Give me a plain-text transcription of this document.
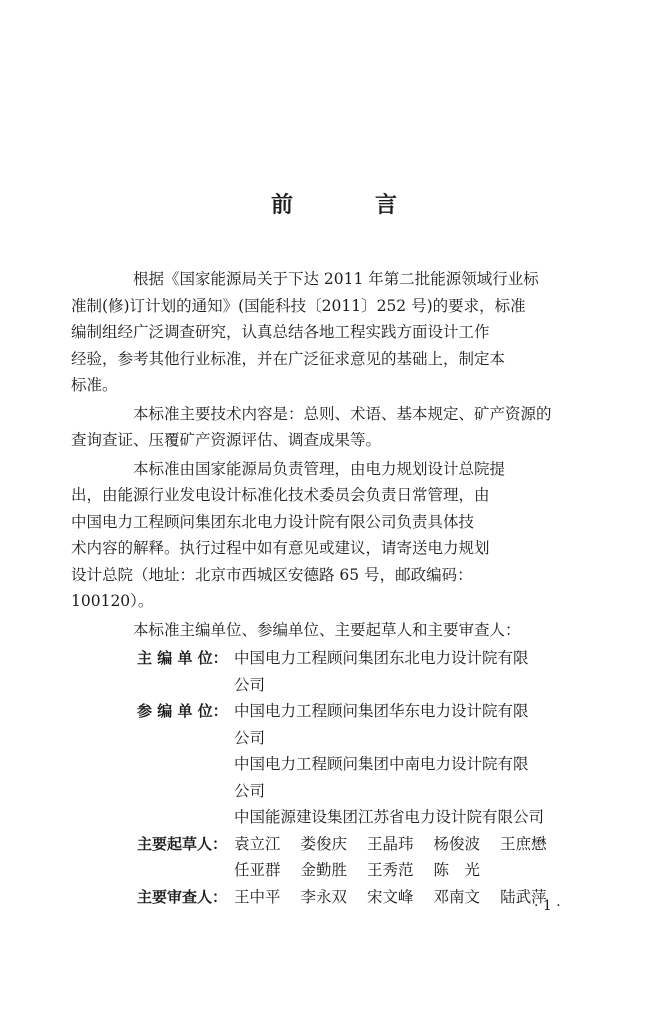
前　言
根据《国家能源局关于下达 2011 年第二批能源领域行业标
准制(修)订计划的通知》(国能科技〔2011〕252 号)的要求，标准
编制组经广泛调查研究，认真总结各地工程实践方面设计工作
经验，参考其他行业标准，并在广泛征求意见的基础上，制定本
标准。
本标准主要技术内容是：总则、术语、基本规定、矿产资源的
查询查证、压覆矿产资源评估、调查成果等。
本标准由国家能源局负责管理，由电力规划设计总院提
出，由能源行业发电设计标准化技术委员会负责日常管理，由
中国电力工程顾问集团东北电力设计院有限公司负责具体技
术内容的解释。执行过程中如有意见或建议，请寄送电力规划
设计总院（地址：北京市西城区安德路 65 号，邮政编码：
100120）。
本标准主编单位、参编单位、主要起草人和主要审查人：
主 编 单 位： 中国电力工程顾问集团东北电力设计院有限
公司
参 编 单 位： 中国电力工程顾问集团华东电力设计院有限
公司
中国电力工程顾问集团中南电力设计院有限
公司
中国能源建设集团江苏省电力设计院有限公司
主要起草人： 袁立江 娄俊庆 王晶玮 杨俊波 王庶懋
任亚群 金勤胜 王秀范 陈　光
主要审查人： 王中平 李永双 宋文峰 邓南文 陆武萍
· 1 ·
